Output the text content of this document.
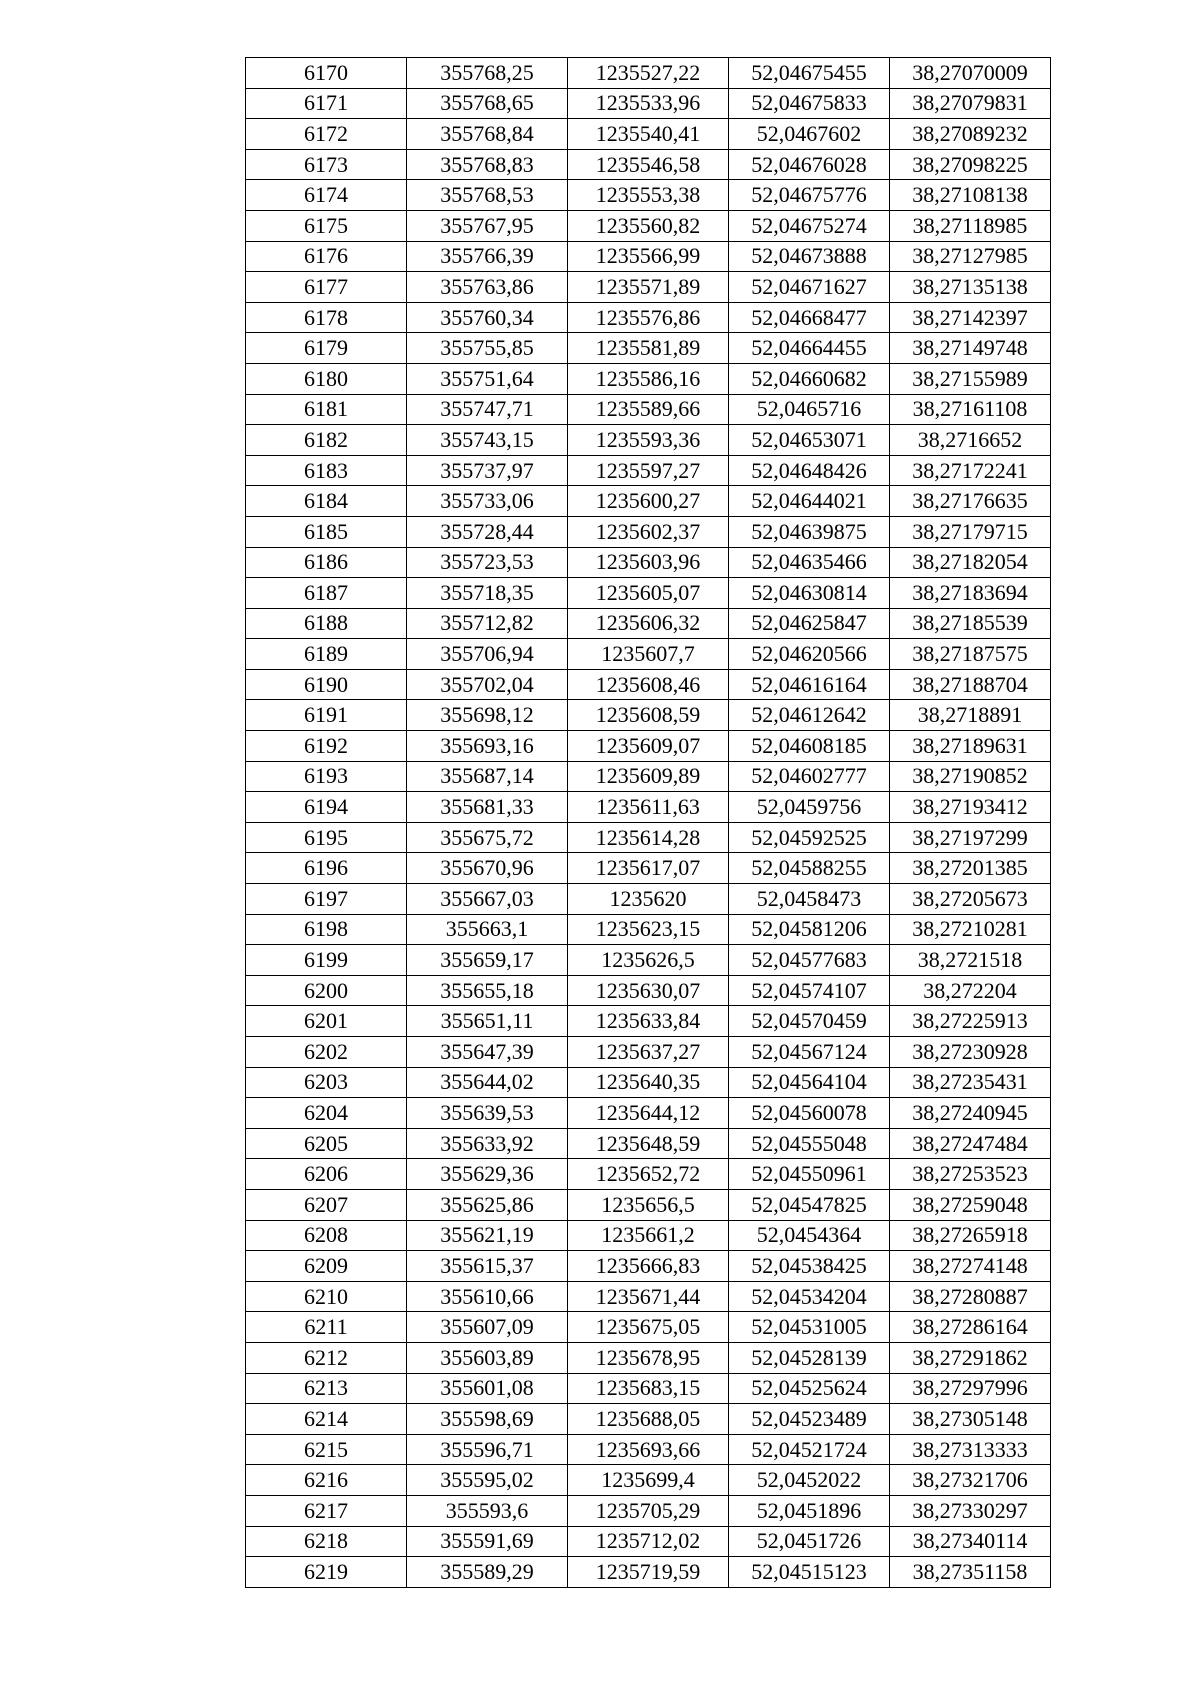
6170	355768,25	1235527,22	52,04675455	38,27070009
6171	355768,65	1235533,96	52,04675833	38,27079831
6172	355768,84	1235540,41	52,0467602	38,27089232
6173	355768,83	1235546,58	52,04676028	38,27098225
6174	355768,53	1235553,38	52,04675776	38,27108138
6175	355767,95	1235560,82	52,04675274	38,27118985
6176	355766,39	1235566,99	52,04673888	38,27127985
6177	355763,86	1235571,89	52,04671627	38,27135138
6178	355760,34	1235576,86	52,04668477	38,27142397
6179	355755,85	1235581,89	52,04664455	38,27149748
6180	355751,64	1235586,16	52,04660682	38,27155989
6181	355747,71	1235589,66	52,0465716	38,27161108
6182	355743,15	1235593,36	52,04653071	38,2716652
6183	355737,97	1235597,27	52,04648426	38,27172241
6184	355733,06	1235600,27	52,04644021	38,27176635
6185	355728,44	1235602,37	52,04639875	38,27179715
6186	355723,53	1235603,96	52,04635466	38,27182054
6187	355718,35	1235605,07	52,04630814	38,27183694
6188	355712,82	1235606,32	52,04625847	38,27185539
6189	355706,94	1235607,7	52,04620566	38,27187575
6190	355702,04	1235608,46	52,04616164	38,27188704
6191	355698,12	1235608,59	52,04612642	38,2718891
6192	355693,16	1235609,07	52,04608185	38,27189631
6193	355687,14	1235609,89	52,04602777	38,27190852
6194	355681,33	1235611,63	52,0459756	38,27193412
6195	355675,72	1235614,28	52,04592525	38,27197299
6196	355670,96	1235617,07	52,04588255	38,27201385
6197	355667,03	1235620	52,0458473	38,27205673
6198	355663,1	1235623,15	52,04581206	38,27210281
6199	355659,17	1235626,5	52,04577683	38,2721518
6200	355655,18	1235630,07	52,04574107	38,272204
6201	355651,11	1235633,84	52,04570459	38,27225913
6202	355647,39	1235637,27	52,04567124	38,27230928
6203	355644,02	1235640,35	52,04564104	38,27235431
6204	355639,53	1235644,12	52,04560078	38,27240945
6205	355633,92	1235648,59	52,04555048	38,27247484
6206	355629,36	1235652,72	52,04550961	38,27253523
6207	355625,86	1235656,5	52,04547825	38,27259048
6208	355621,19	1235661,2	52,0454364	38,27265918
6209	355615,37	1235666,83	52,04538425	38,27274148
6210	355610,66	1235671,44	52,04534204	38,27280887
6211	355607,09	1235675,05	52,04531005	38,27286164
6212	355603,89	1235678,95	52,04528139	38,27291862
6213	355601,08	1235683,15	52,04525624	38,27297996
6214	355598,69	1235688,05	52,04523489	38,27305148
6215	355596,71	1235693,66	52,04521724	38,27313333
6216	355595,02	1235699,4	52,0452022	38,27321706
6217	355593,6	1235705,29	52,0451896	38,27330297
6218	355591,69	1235712,02	52,0451726	38,27340114
6219	355589,29	1235719,59	52,04515123	38,27351158
